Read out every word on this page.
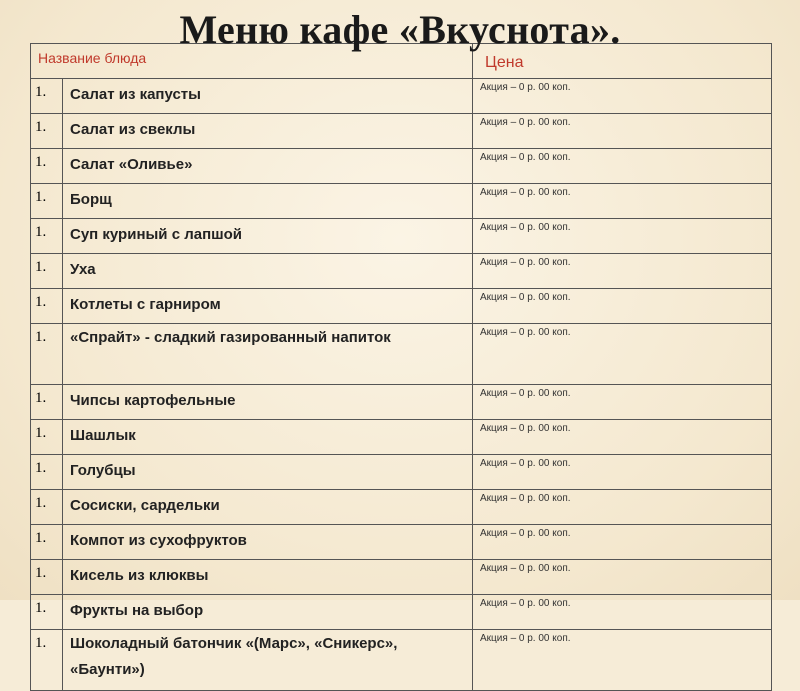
Название блюда		Цена
1.	Салат из капусты	Акция – 0 р. 00 коп.
1.	Салат из свеклы	Акция – 0 р. 00 коп.
1.	Салат «Оливье»	Акция – 0 р. 00 коп.
1.	Борщ	Акция – 0 р. 00 коп.
1.	Суп куриный с лапшой	Акция – 0 р. 00 коп.
1.	Уха	Акция – 0 р. 00 коп.
1.	Котлеты с гарниром	Акция – 0 р. 00 коп.
1.	«Спрайт» - сладкий газированный напиток	Акция – 0 р. 00 коп.
1.	Чипсы картофельные	Акция – 0 р. 00 коп.
1.	Шашлык	Акция – 0 р. 00 коп.
1.	Голубцы	Акция – 0 р. 00 коп.
1.	Сосиски, сардельки	Акция – 0 р. 00 коп.
1.	Компот из сухофруктов	Акция – 0 р. 00 коп.
1.	Кисель из клюквы	Акция – 0 р. 00 коп.
1.	Фрукты на выбор	Акция – 0 р. 00 коп.
1.	Шоколадный батончик «(Марс», «Сникерс», «Баунти»)	Акция – 0 р. 00 коп.
Меню кафе «Вкуснота».
